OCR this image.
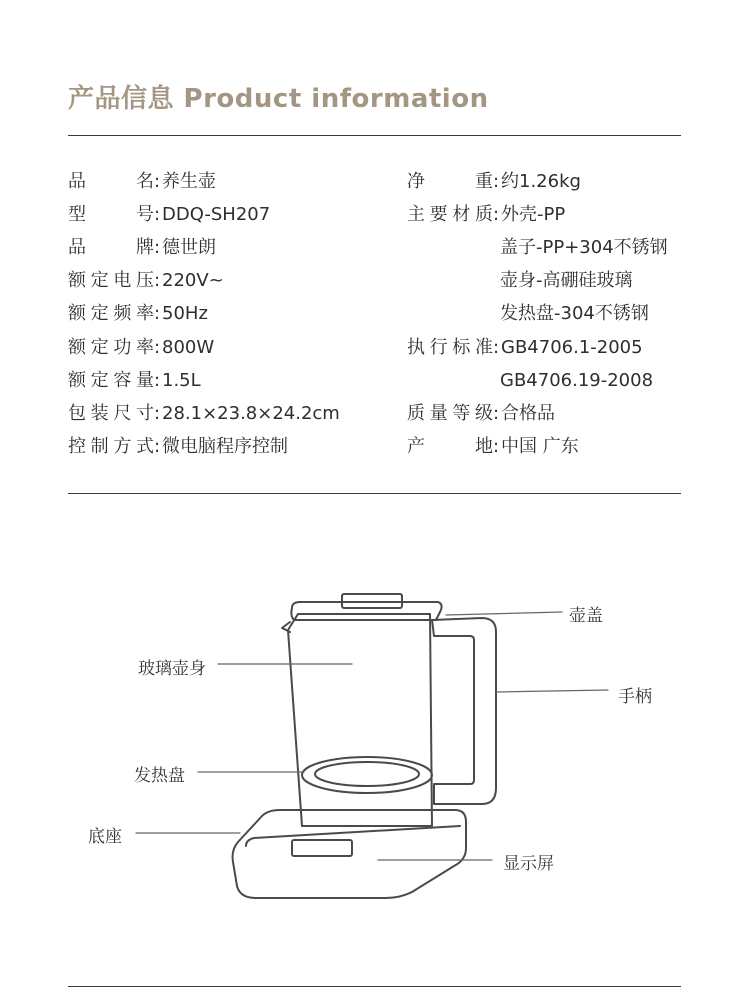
产品信息 Product information
品名: 养生壶
型号: DDQ-SH207
品牌: 德世朗
额定电压: 220V~
额定频率: 50Hz
额定功率: 800W
额定容量: 1.5L
包装尺寸: 28.1×23.8×24.2cm
控制方式: 微电脑程序控制
净重: 约1.26kg
主要材质: 外壳-PP
盖子-PP+304不锈钢
壶身-高硼硅玻璃
发热盘-304不锈钢
执行标准: GB4706.1-2005
GB4706.19-2008
质量等级: 合格品
产地: 中国 广东
壶盖
手柄
玻璃壶身
发热盘
底座
显示屏
